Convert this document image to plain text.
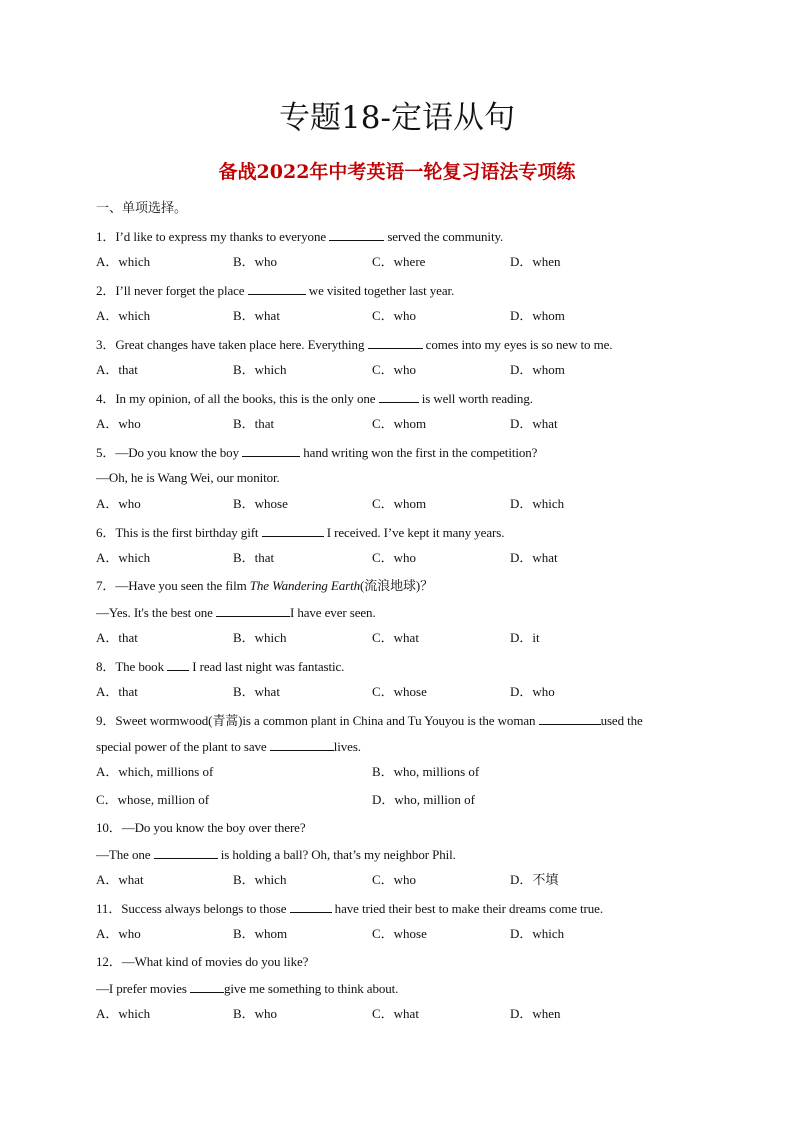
专题18-定语从句
备战2022年中考英语一轮复习语法专项练
一、单项选择。
1．I’d like to express my thanks to everyone	served the community.
A．which	B．who	C．where	D．when
2．I’ll never forget the place	we visited together last year.
A．which	B．what	C．who	D．whom
3．Great changes have taken place here. Everything	comes into my eyes is so new to me.
A．that	B．which	C．who	D．whom
4．In my opinion, of all the books, this is the only one	is well worth reading.
A．who	B．that	C．whom	D．what
5．—Do you know the boy	hand writing won the first in the competition?
—Oh, he is Wang Wei, our monitor.
A．who	B．whose	C．whom	D．which
6．This is the first birthday gift	I received. I’ve kept it many years.
A．which	B．that	C．who	D．what
7．—Have you seen the film The Wandering Earth(流浪地球)？
—Yes. It's the best one	I have ever seen.
A．that	B．which	C．what	D．it
8．The book  I read last night was fantastic.
A．that	B．what	C．whose	D．who
9．Sweet wormwood(青蒿)is a common plant in China and Tu Youyou is the woman	used the
special power of the plant to save	lives.
A．which, millions of	B．who, millions of
C．whose, million of	D．who, million of
10．—Do you know the boy over there?
—The one	is holding a ball? Oh, that’s my neighbor Phil.
A．what	B．which	C．who	D．不填
11．Success always belongs to those	have tried their best to make their dreams come true.
A．who	B．whom	C．whose	D．which
12．—What kind of movies do you like?
—I prefer movies	give me something to think about.
A．which	B．who	C．what	D．when
